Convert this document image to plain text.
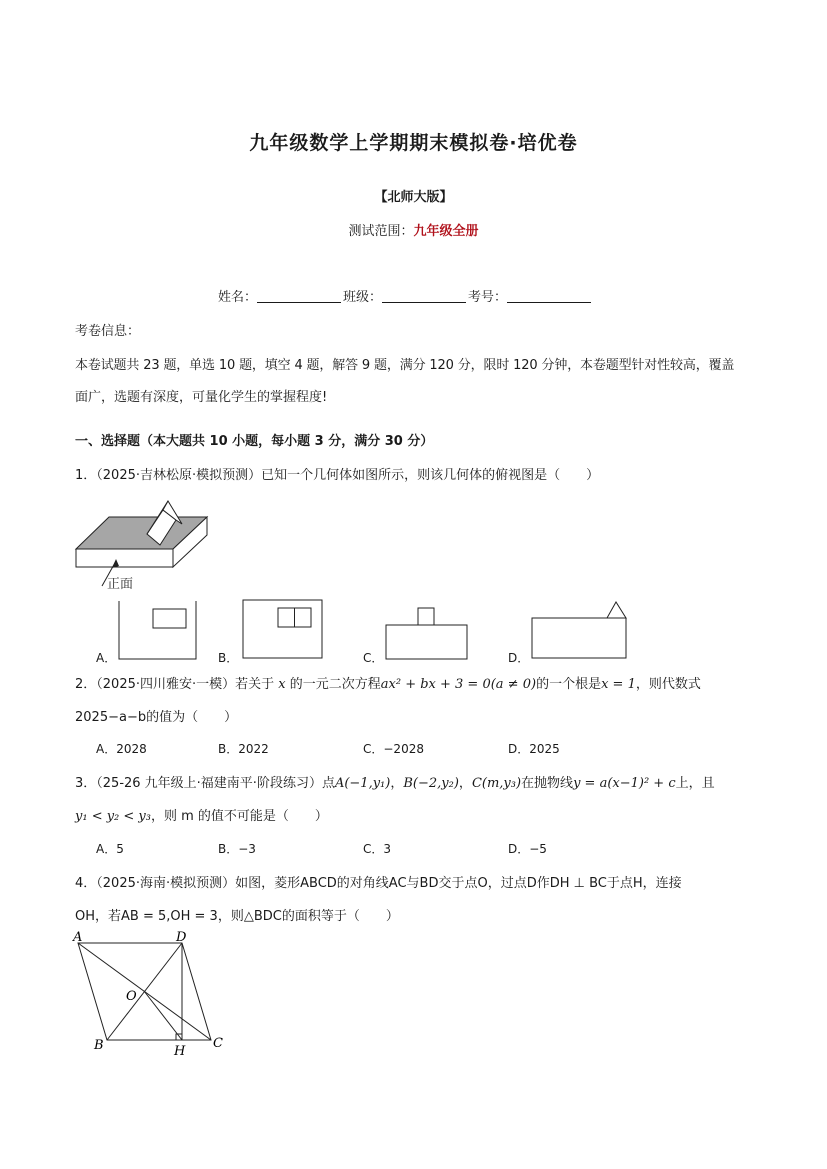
九年级数学上学期期末模拟卷·培优卷
【北师大版】
测试范围：九年级全册
姓名：	班级：	考号：
考卷信息：
本卷试题共 23 题，单选 10 题，填空 4 题，解答 9 题，满分 120 分，限时 120 分钟，本卷题型针对性较高，覆盖
面广，选题有深度，可量化学生的掌握程度!
一、选择题（本大题共 10 小题，每小题 3 分，满分 30 分）
1．（2025·吉林松原·模拟预测）已知一个几何体如图所示，则该几何体的俯视图是（　　）
正面
A．	B．	C．	D．
2．（2025·四川雅安·一模）若关于 x 的一元二次方程ax² + bx + 3 = 0(a ≠ 0)的一个根是x = 1，则代数式
2025−a−b的值为（　　）
A．2028	B．2022	C．−2028	D．2025
3．（25-26 九年级上·福建南平·阶段练习）点A(−1,y₁)，B(−2,y₂)，C(m,y₃)在抛物线y = a(x−1)² + c上，且
y₁ < y₂ < y₃，则 m 的值不可能是（　　）
A．5	B．−3	C．3	D．−5
4．（2025·海南·模拟预测）如图，菱形ABCD的对角线AC与BD交于点O，过点D作DH ⊥ BC于点H，连接
OH，若AB = 5,OH = 3，则△BDC的面积等于（　　）
A	D
O
B	H
C
